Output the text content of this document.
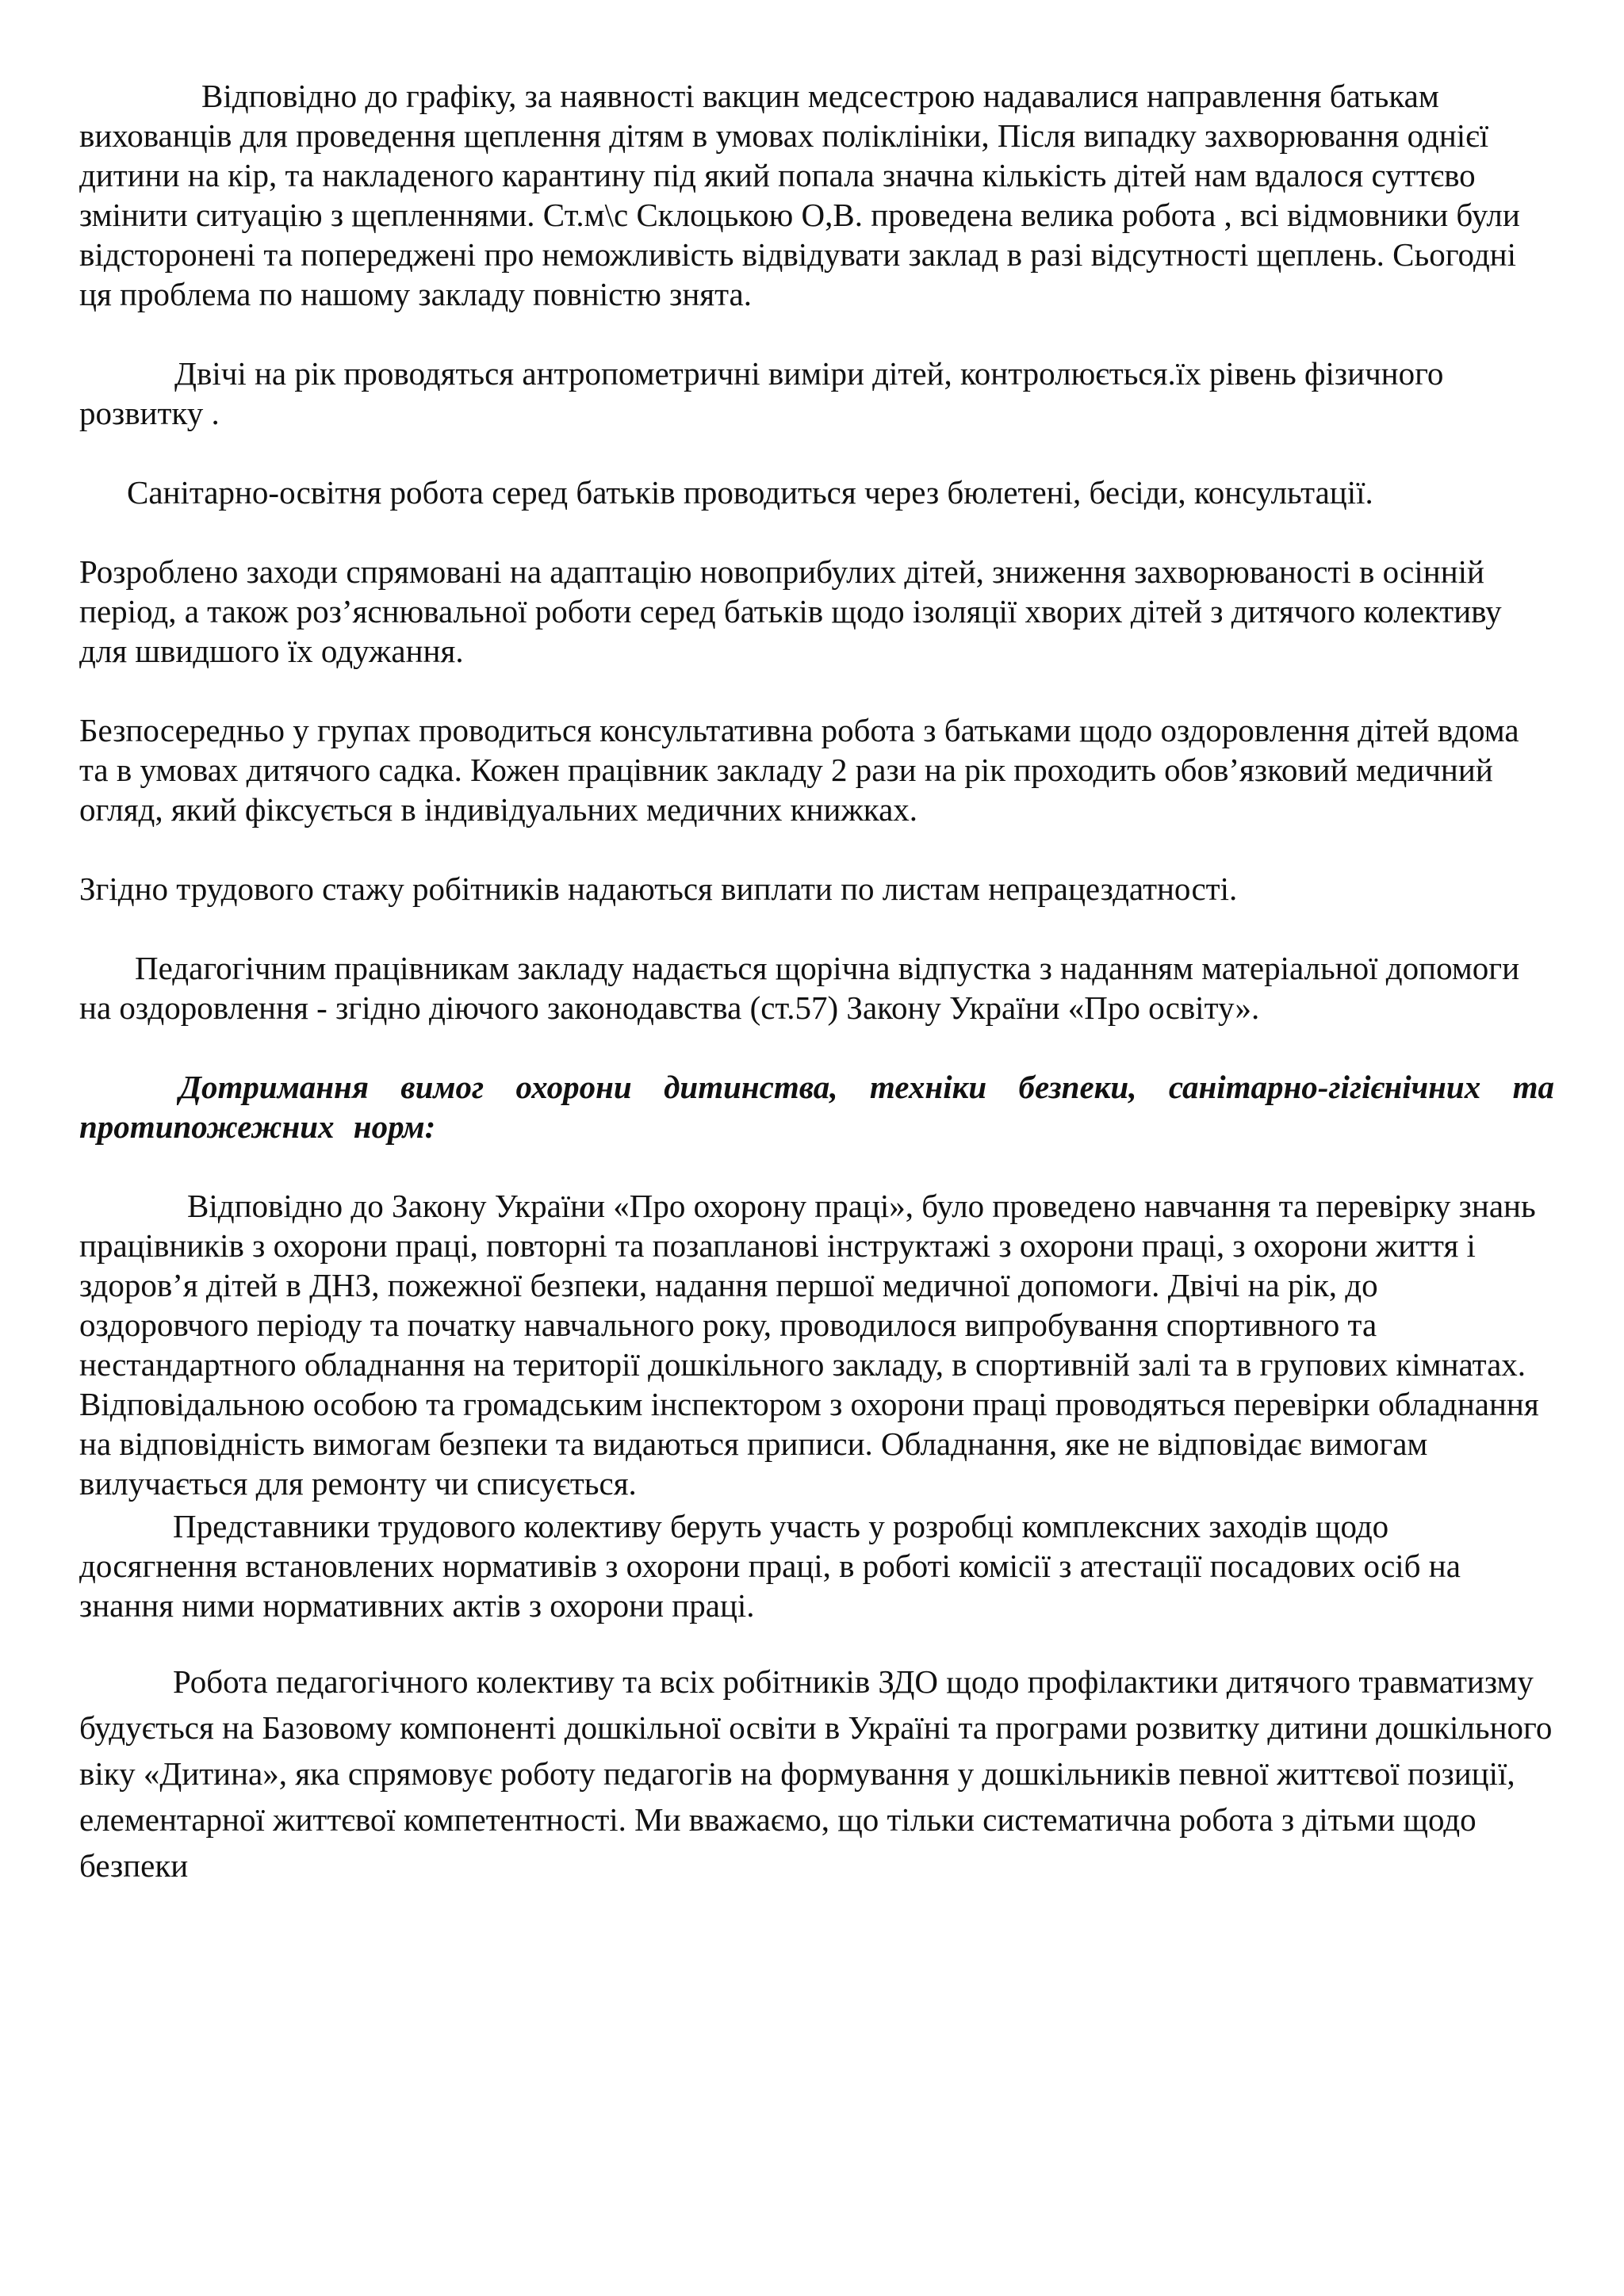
Відповідно до графіку, за наявності вакцин медсестрою надавалися направлення батькам вихованців для проведення щеплення дітям в умовах поліклініки, Після випадку захворювання однієї дитини на кір, та накладеного карантину під який попала значна кількість дітей нам вдалося суттєво змінити ситуацію з щепленнями. Ст.м\с Склоцькою О,В. проведена велика робота , всі відмовники були відсторонені та попереджені про неможливість відвідувати заклад в разі відсутності щеплень. Сьогодні ця проблема по нашому закладу повністю знята.

Двічі на рік проводяться антропометричні виміри дітей, контролюється.їх рівень фізичного розвитку .

Санітарно-освітня робота серед батьків проводиться через бюлетені, бесіди, консультації.

Розроблено заходи спрямовані на адаптацію новоприбулих дітей, зниження захворюваності в осінній період, а також роз’яснювальної роботи серед батьків щодо ізоляції хворих дітей з дитячого колективу для швидшого їх одужання.

Безпосередньо у групах проводиться консультативна робота з батьками щодо оздоровлення дітей вдома та в умовах дитячого садка. Кожен працівник закладу 2 рази на рік проходить обов’язковий медичний огляд, який фіксується в індивідуальних медичних книжках.

Згідно трудового стажу робітників надаються виплати по листам непрацездатності.

Педагогічним працівникам закладу надається щорічна відпустка з наданням матеріальної допомоги на оздоровлення - згідно діючого законодавства (ст.57) Закону України «Про освіту».

Дотримання вимог охорони дитинства, техніки безпеки, санітарно-гігієнічних та протипожежних норм:

Відповідно до Закону України «Про охорону праці», було проведено навчання та перевірку знань працівників з охорони праці, повторні та позапланові інструктажі з охорони праці, з охорони життя і здоров’я дітей в ДНЗ, пожежної безпеки, надання першої медичної допомоги. Двічі на рік, до оздоровчого періоду та початку навчального року, проводилося випробування спортивного та нестандартного обладнання на території дошкільного закладу, в спортивній залі та в групових кімнатах. Відповідальною особою та громадським інспектором з охорони праці проводяться перевірки обладнання на відповідність вимогам безпеки та видаються приписи. Обладнання, яке не відповідає вимогам вилучається для ремонту чи списується.

Представники трудового колективу беруть участь у розробці комплексних заходів щодо досягнення встановлених нормативів з охорони праці, в роботі комісії з атестації посадових осіб на знання ними нормативних актів з охорони праці.

Робота педагогічного колективу та всіх робітників ЗДО щодо профілактики дитячого травматизму будується на Базовому компоненті дошкільної освіти в Україні та програми розвитку дитини дошкільного віку «Дитина», яка спрямовує роботу педагогів на формування у дошкільників певної життєвої позиції, елементарної життєвої компетентності. Ми вважаємо, що тільки систематична робота з дітьми щодо безпеки
